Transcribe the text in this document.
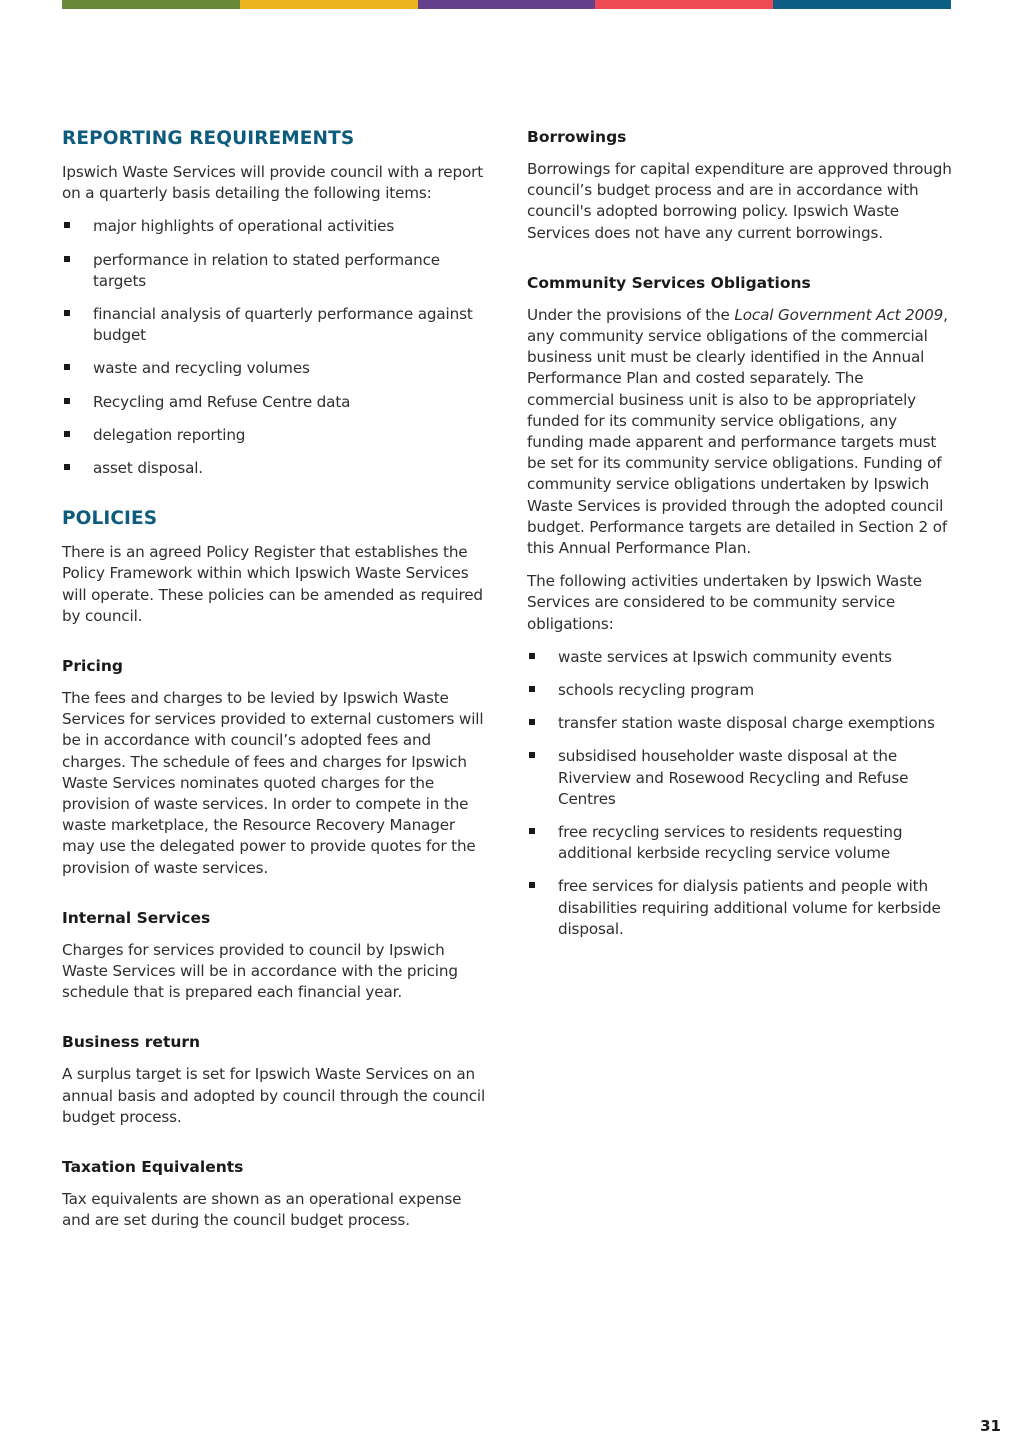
REPORTING REQUIREMENTS

Ipswich Waste Services will provide council with a report on a quarterly basis detailing the following items:

major highlights of operational activities
performance in relation to stated performance targets
financial analysis of quarterly performance against budget
waste and recycling volumes
Recycling amd Refuse Centre data
delegation reporting
asset disposal.
POLICIES

There is an agreed Policy Register that establishes the Policy Framework within which Ipswich Waste Services will operate. These policies can be amended as required by council.

Pricing

The fees and charges to be levied by Ipswich Waste Services for services provided to external customers will be in accordance with council’s adopted fees and charges. The schedule of fees and charges for Ipswich Waste Services nominates quoted charges for the provision of waste services. In order to compete in the waste marketplace, the Resource Recovery Manager may use the delegated power to provide quotes for the provision of waste services.

Internal Services

Charges for services provided to council by Ipswich Waste Services will be in accordance with the pricing schedule that is prepared each financial year.

Business return

A surplus target is set for Ipswich Waste Services on an annual basis and adopted by council through the council budget process.

Taxation Equivalents

Tax equivalents are shown as an operational expense and are set during the council budget process.

Borrowings

Borrowings for capital expenditure are approved through council’s budget process and are in accordance with council's adopted borrowing policy. Ipswich Waste Services does not have any current borrowings.

Community Services Obligations

Under the provisions of the Local Government Act 2009, any community service obligations of the commercial business unit must be clearly identified in the Annual Performance Plan and costed separately. The commercial business unit is also to be appropriately funded for its community service obligations, any funding made apparent and performance targets must be set for its community service obligations. Funding of community service obligations undertaken by Ipswich Waste Services is provided through the adopted council budget. Performance targets are detailed in Section 2 of this Annual Performance Plan.

The following activities undertaken by Ipswich Waste Services are considered to be community service obligations:

waste services at Ipswich community events
schools recycling program
transfer station waste disposal charge exemptions
subsidised householder waste disposal at the Riverview and Rosewood Recycling and Refuse Centres
free recycling services to residents requesting additional kerbside recycling service volume
free services for dialysis patients and people with disabilities requiring additional volume for kerbside disposal.
31
